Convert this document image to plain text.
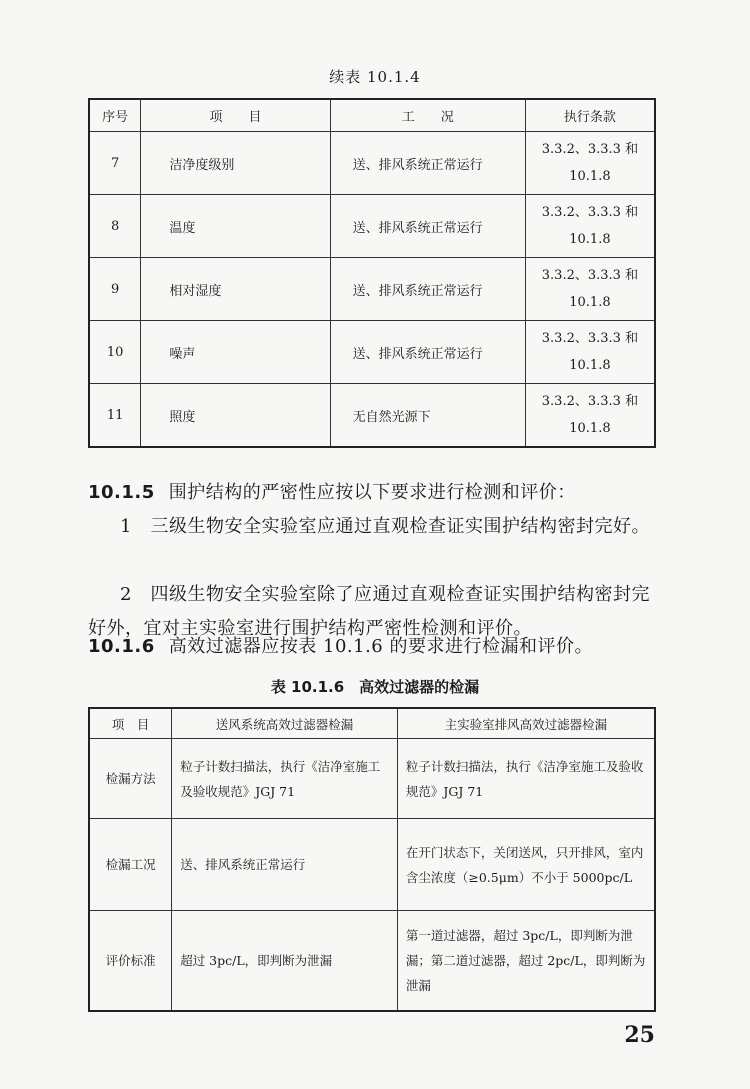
续表 10.1.4
序号	项　　目	工　　况	执行条款
7	洁净度级别	送、排风系统正常运行	3.3.2、3.3.3 和
10.1.8
8	温度	送、排风系统正常运行	3.3.2、3.3.3 和
10.1.8
9	相对湿度	送、排风系统正常运行	3.3.2、3.3.3 和
10.1.8
10	噪声	送、排风系统正常运行	3.3.2、3.3.3 和
10.1.8
11	照度	无自然光源下	3.3.2、3.3.3 和
10.1.8
10.1.5 围护结构的严密性应按以下要求进行检测和评价：
1　三级生物安全实验室应通过直观检查证实围护结构密封完好。
2　四级生物安全实验室除了应通过直观检查证实围护结构密封完好外，宜对主实验室进行围护结构严密性检测和评价。
10.1.6 高效过滤器应按表 10.1.6 的要求进行检漏和评价。
表 10.1.6　高效过滤器的检漏
项　目	送风系统高效过滤器检漏	主实验室排风高效过滤器检漏
检漏方法	粒子计数扫描法，执行《洁净室施工及验收规范》JGJ 71	粒子计数扫描法，执行《洁净室施工及验收规范》JGJ 71
检漏工况	送、排风系统正常运行	在开门状态下，关闭送风，只开排风，室内含尘浓度（≥0.5μm）不小于 5000pc/L
评价标准	超过 3pc/L，即判断为泄漏	第一道过滤器，超过 3pc/L，即判断为泄漏；第二道过滤器，超过 2pc/L，即判断为泄漏
25
